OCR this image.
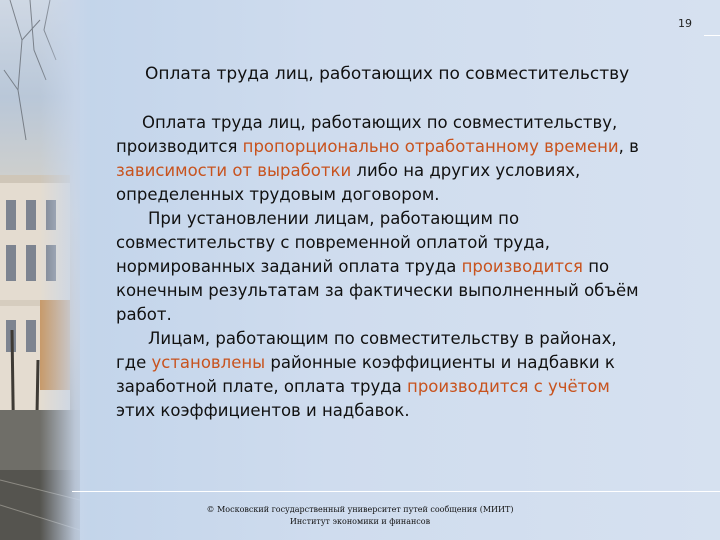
19
Оплата труда лиц, работающих по совместительству

Оплата труда лиц, работающих по совместительству,

производится пропорционально отработанному времени, в

зависимости от выработки либо на других условиях,

определенных трудовым договором.

При установлении лицам, работающим по

совместительству с повременной оплатой труда,

нормированных заданий оплата труда производится по

конечным результатам за фактически выполненный объём

работ.

Лицам, работающим по совместительству в районах,

где установлены районные коэффициенты и надбавки к

заработной плате, оплата труда производится с учётом

этих коэффициентов и надбавок.

© Московский государственный университет путей сообщения (МИИТ)
Институт экономики и финансов
